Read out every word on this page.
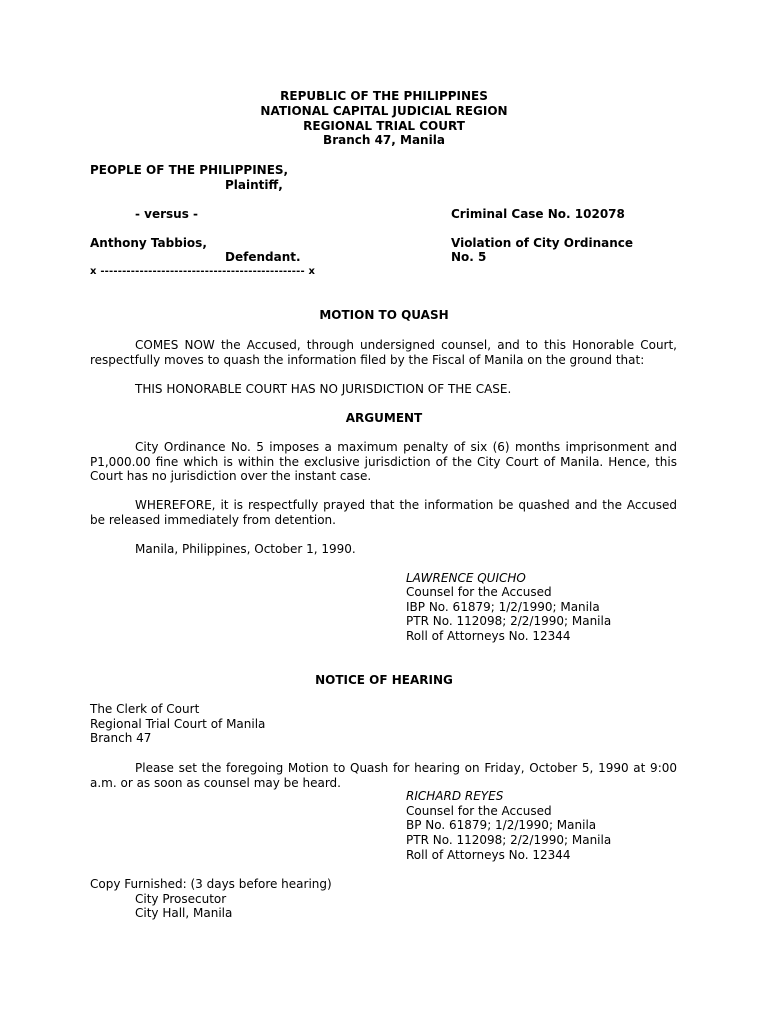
REPUBLIC OF THE PHILIPPINES
NATIONAL CAPITAL JUDICIAL REGION
REGIONAL TRIAL COURT
Branch 47, Manila
PEOPLE OF THE PHILIPPINES,
Plaintiff,
- versus -	Criminal Case No. 102078
Anthony Tabbios,	Violation of City Ordinance
Defendant.	No. 5
x ----------------------------------------------- x
MOTION TO QUASH
COMES NOW the Accused, through undersigned counsel, and to this Honorable Court, respectfully moves to quash the information filed by the Fiscal of Manila on the ground that:
THIS HONORABLE COURT HAS NO JURISDICTION OF THE CASE.
ARGUMENT
City Ordinance No. 5 imposes a maximum penalty of six (6) months imprisonment and P1,000.00 fine which is within the exclusive jurisdiction of the City Court of Manila. Hence, this Court has no jurisdiction over the instant case.
WHEREFORE, it is respectfully prayed that the information be quashed and the Accused be released immediately from detention.
Manila, Philippines, October 1, 1990.
LAWRENCE QUICHO
Counsel for the Accused
IBP No. 61879; 1/2/1990; Manila
PTR No. 112098; 2/2/1990; Manila
Roll of Attorneys No. 12344
NOTICE OF HEARING
The Clerk of Court
Regional Trial Court of Manila
Branch 47
Please set the foregoing Motion to Quash for hearing on Friday, October 5, 1990 at 9:00 a.m. or as soon as counsel may be heard.
RICHARD REYES
Counsel for the Accused
BP No. 61879; 1/2/1990; Manila
PTR No. 112098; 2/2/1990; Manila
Roll of Attorneys No. 12344
Copy Furnished: (3 days before hearing)
City Prosecutor
City Hall, Manila
